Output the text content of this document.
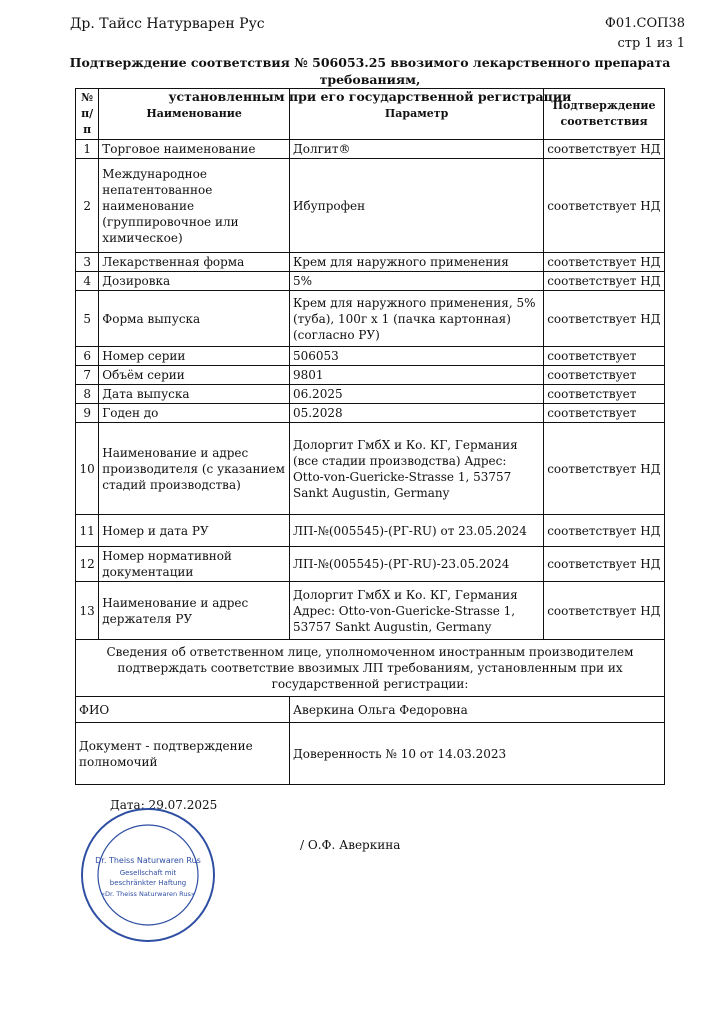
Др. Тайсс Натурварен Рус	Ф01.СОП38
стр 1 из 1
Подтверждение соответствия № 506053.25 ввозимого лекарственного препарата требованиям,
установленным при его государственной регистрации
№ п/п	Наименование	Параметр	Подтверждение соответствия
1	Торговое наименование	Долгит®	соответствует НД
2	Международное непатентованное наименование (группировочное или химическое)	Ибупрофен	соответствует НД
3	Лекарственная форма	Крем для наружного применения	соответствует НД
4	Дозировка	5%	соответствует НД
5	Форма выпуска	Крем для наружного применения, 5% (туба), 100г х 1 (пачка картонная) (согласно РУ)	соответствует НД
6	Номер серии	506053	соответствует
7	Объём серии	9801	соответствует
8	Дата выпуска	06.2025	соответствует
9	Годен до	05.2028	соответствует
10	Наименование и адрес производителя (с указанием стадий производства)	Долоргит ГмбХ и Ко. КГ, Германия (все стадии производства) Адрес: Otto-von-Guericke-Strasse 1, 53757 Sankt Augustin, Germany	соответствует НД
11	Номер и дата РУ	ЛП-№(005545)-(РГ-RU) от 23.05.2024	соответствует НД
12	Номер нормативной документации	ЛП-№(005545)-(РГ-RU)-23.05.2024	соответствует НД
13	Наименование и адрес держателя РУ	Долоргит ГмбХ и Ко. КГ, Германия Адрес: Otto-von-Guericke-Strasse 1, 53757 Sankt Augustin, Germany	соответствует НД
Сведения об ответственном лице, уполномоченном иностранным производителем подтверждать соответствие ввозимых ЛП требованиям, установленным при их государственной регистрации:			
ФИО		Аверкина Ольга Федоровна	
Документ - подтверждение полномочий		Доверенность № 10 от 14.03.2023	
Дата: 29.07.2025
Dr. Theiss Naturwaren Rus
Gesellschaft mit
beschränkter Haftung
«Dr. Theiss Naturwaren Rus»
/ О.Ф. Аверкина
